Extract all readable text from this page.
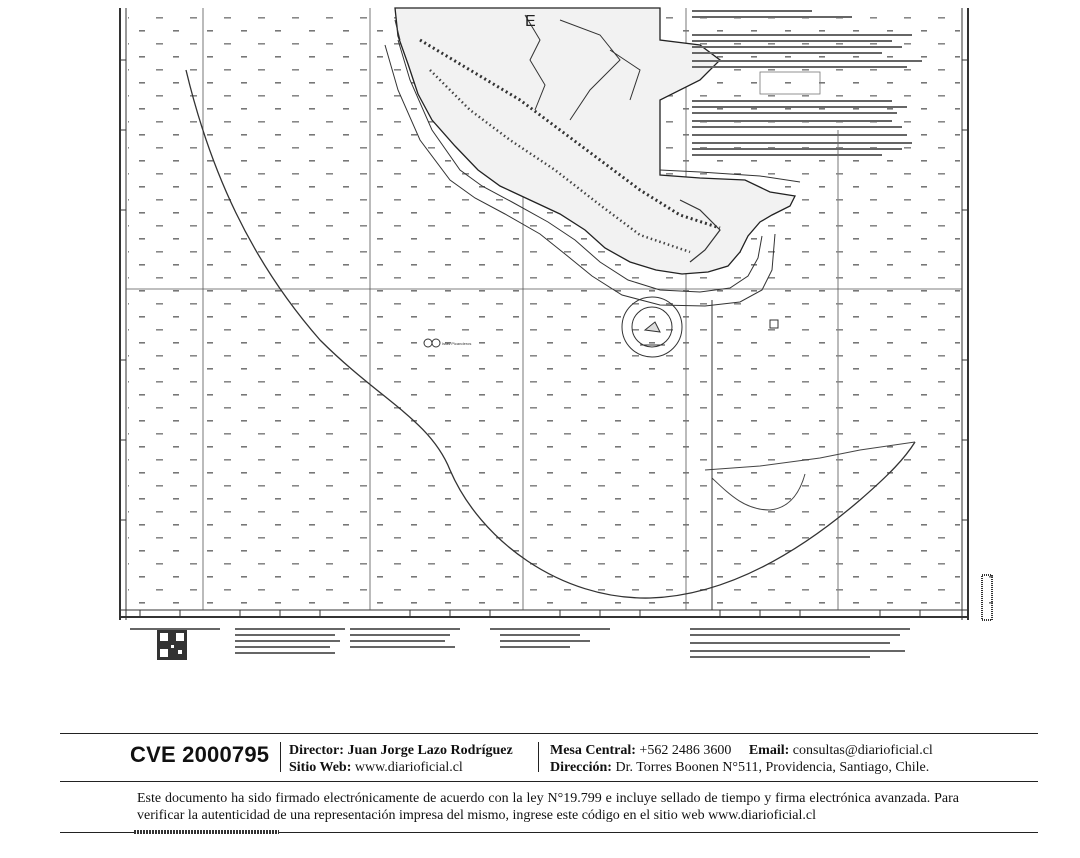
E
Islas Picanderos
CVE 2000795 Director: Juan Jorge Lazo Rodríguez
Sitio Web: www.diarioficial.cl
Mesa Central: +562 2486 3600 Email: consultas@diarioficial.cl
Dirección: Dr. Torres Boonen N°511, Providencia, Santiago, Chile.
Este documento ha sido firmado electrónicamente de acuerdo con la ley N°19.799 e incluye sellado de tiempo y firma electrónica avanzada. Para verificar la autenticidad de una representación impresa del mismo, ingrese este código en el sitio web www.diarioficial.cl
